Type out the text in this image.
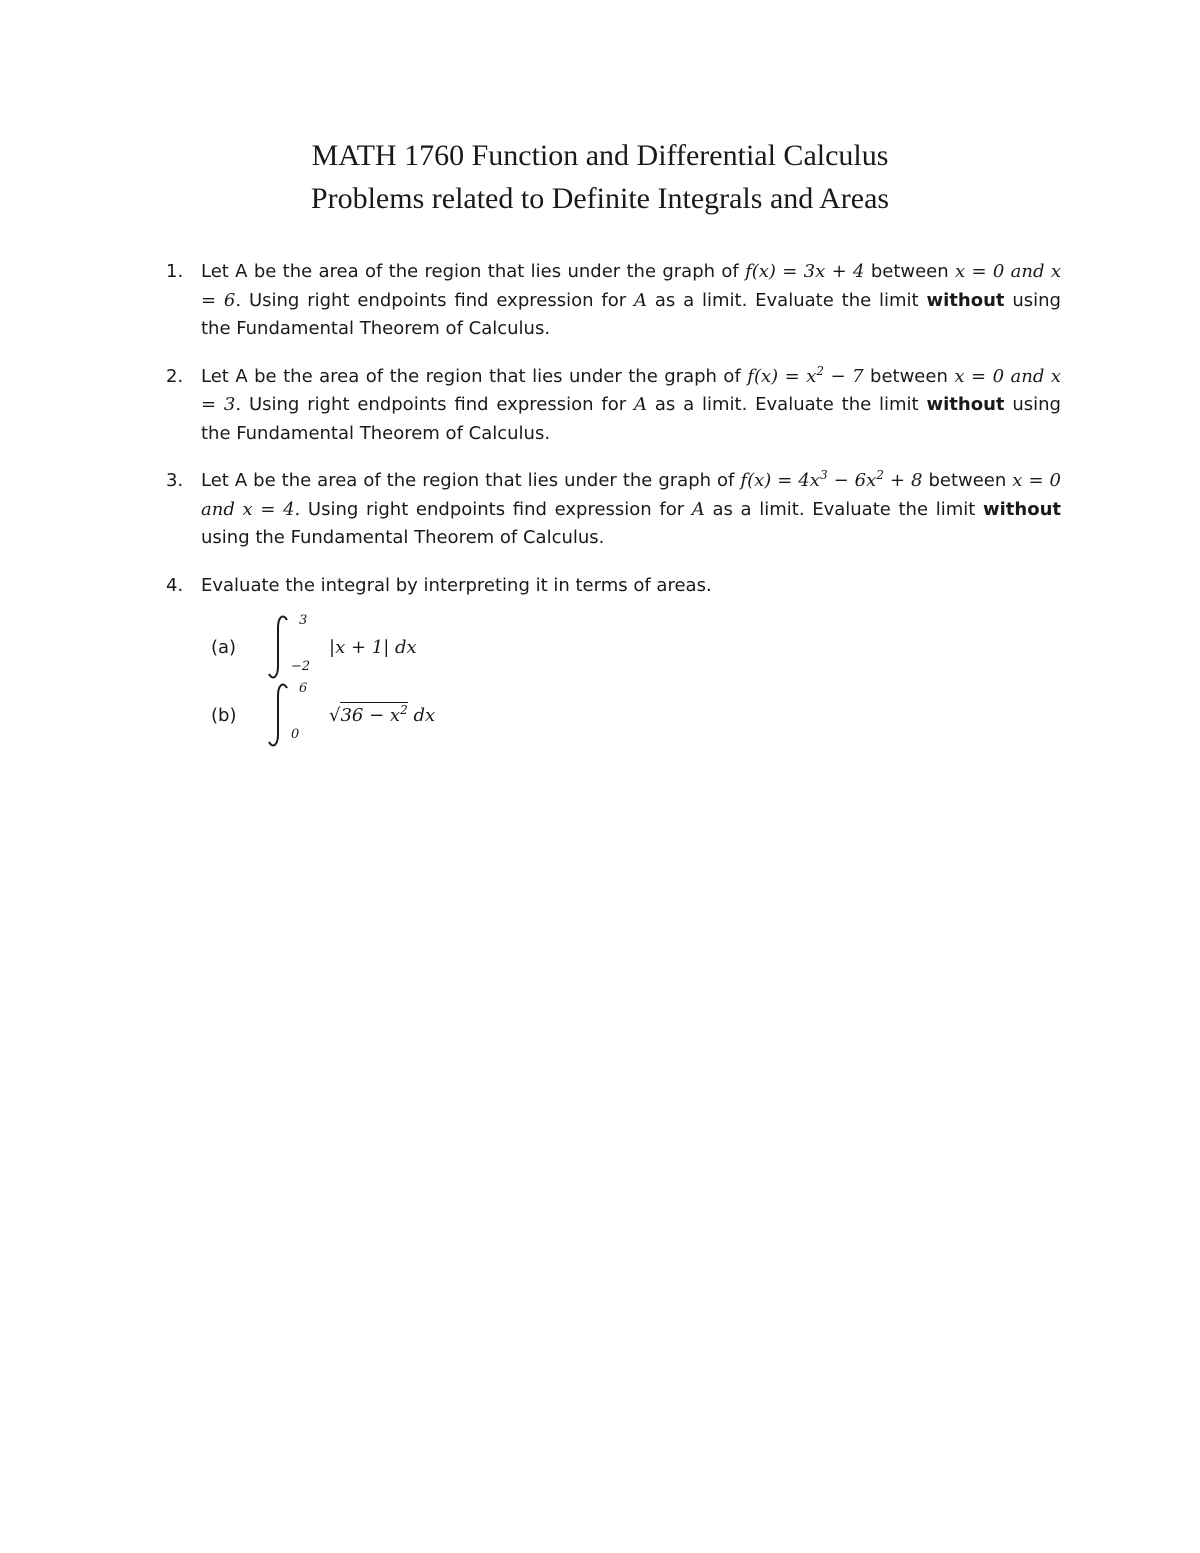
MATH 1760 Function and Differential Calculus
Problems related to Definite Integrals and Areas
1. Let A be the area of the region that lies under the graph of f(x) = 3x + 4 between x = 0 and x = 6. Using right endpoints find expression for A as a limit. Evaluate the limit without using the Fundamental Theorem of Calculus.
2. Let A be the area of the region that lies under the graph of $f(x) = x^2 - 7$ between x = 0 and x = 3. Using right endpoints find expression for A as a limit. Evaluate the limit without using the Fundamental Theorem of Calculus.
3. Let A be the area of the region that lies under the graph of $f(x) = 4x^3 - 6x^2 + 8$ between x = 0 and x = 4. Using right endpoints find expression for A as a limit. Evaluate the limit without using the Fundamental Theorem of Calculus.
4. Evaluate the integral by interpreting it in terms of areas.
(a)
3
−2
|x + 1| dx
(b)
6
0
$√36 - x^2$ dx
